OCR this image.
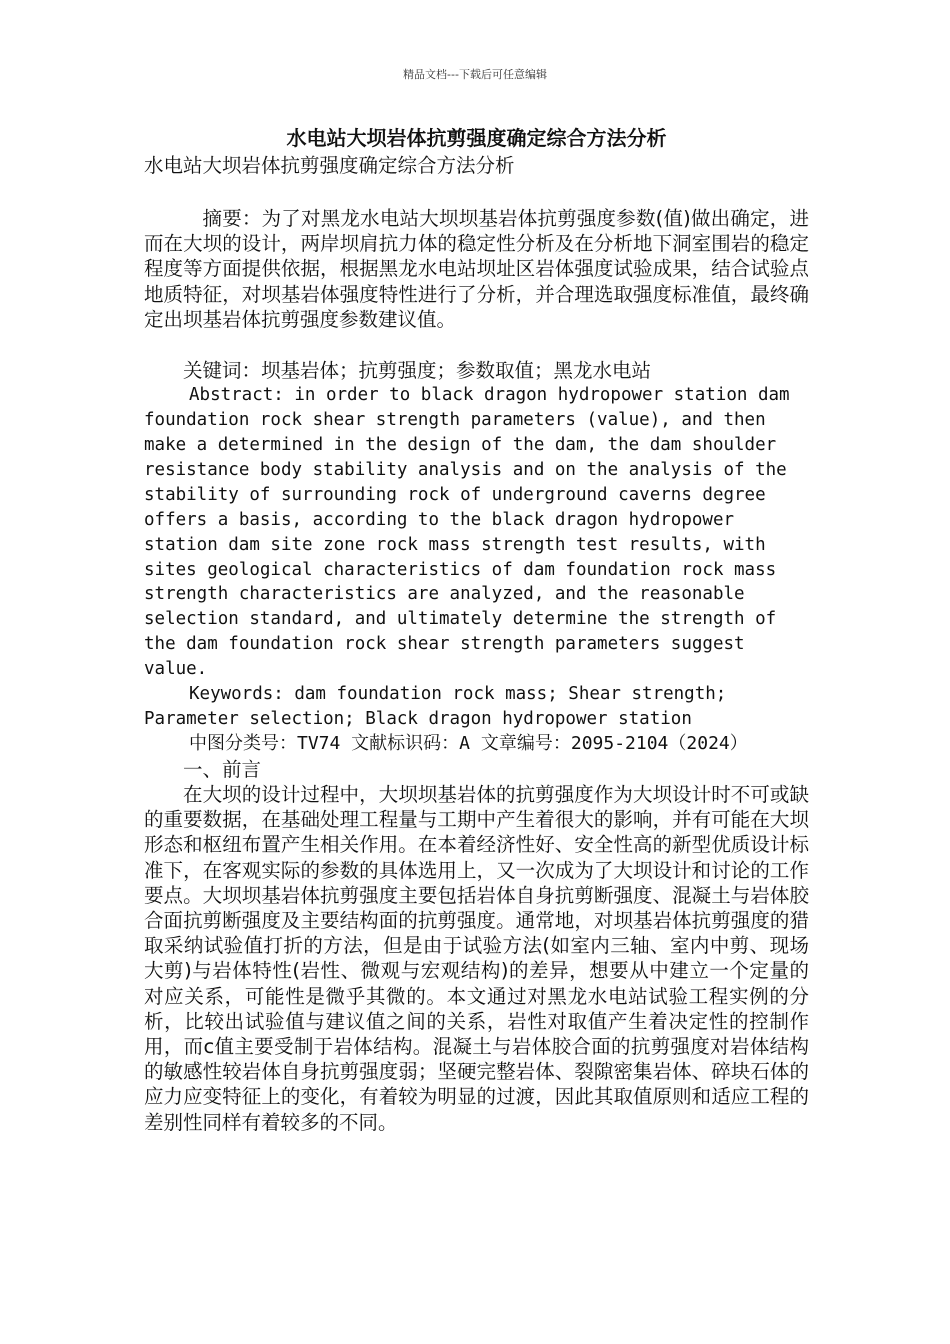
精品文档---下载后可任意编辑
水电站大坝岩体抗剪强度确定综合方法分析

水电站大坝岩体抗剪强度确定综合方法分析

摘要：为了对黑龙水电站大坝坝基岩体抗剪强度参数(值)做出确定，进而在大坝的设计，两岸坝肩抗力体的稳定性分析及在分析地下洞室围岩的稳定程度等方面提供依据，根据黑龙水电站坝址区岩体强度试验成果，结合试验点地质特征，对坝基岩体强度特性进行了分析，并合理选取强度标准值，最终确定出坝基岩体抗剪强度参数建议值。

关键词：坝基岩体；抗剪强度；参数取值；黑龙水电站

Abstract: in order to black dragon hydropower station dam foundation rock shear strength parameters (value), and then make a determined in the design of the dam, the dam shoulder resistance body stability analysis and on the analysis of the stability of surrounding rock of underground caverns degree offers a basis, according to the black dragon hydropower station dam site zone rock mass strength test results, with sites geological characteristics of dam foundation rock mass strength characteristics are analyzed, and the reasonable selection standard, and ultimately determine the strength of the dam foundation rock shear strength parameters suggest value.

Keywords: dam foundation rock mass; Shear strength; Parameter selection; Black dragon hydropower station

中图分类号：TV74 文献标识码：A 文章编号：2095-2104（2024）

一、前言

在大坝的设计过程中，大坝坝基岩体的抗剪强度作为大坝设计时不可或缺的重要数据，在基础处理工程量与工期中产生着很大的影响，并有可能在大坝形态和枢纽布置产生相关作用。在本着经济性好、安全性高的新型优质设计标准下，在客观实际的参数的具体选用上，又一次成为了大坝设计和讨论的工作要点。大坝坝基岩体抗剪强度主要包括岩体自身抗剪断强度、混凝土与岩体胶合面抗剪断强度及主要结构面的抗剪强度。通常地，对坝基岩体抗剪强度的猎取采纳试验值打折的方法，但是由于试验方法(如室内三轴、室内中剪、现场大剪)与岩体特性(岩性、微观与宏观结构)的差异，想要从中建立一个定量的对应关系，可能性是微乎其微的。本文通过对黑龙水电站试验工程实例的分析，比较出试验值与建议值之间的关系，岩性对取值产生着决定性的控制作用，而c值主要受制于岩体结构。混凝土与岩体胶合面的抗剪强度对岩体结构的敏感性较岩体自身抗剪强度弱；坚硬完整岩体、裂隙密集岩体、碎块石体的应力应变特征上的变化，有着较为明显的过渡，因此其取值原则和适应工程的差别性同样有着较多的不同。
